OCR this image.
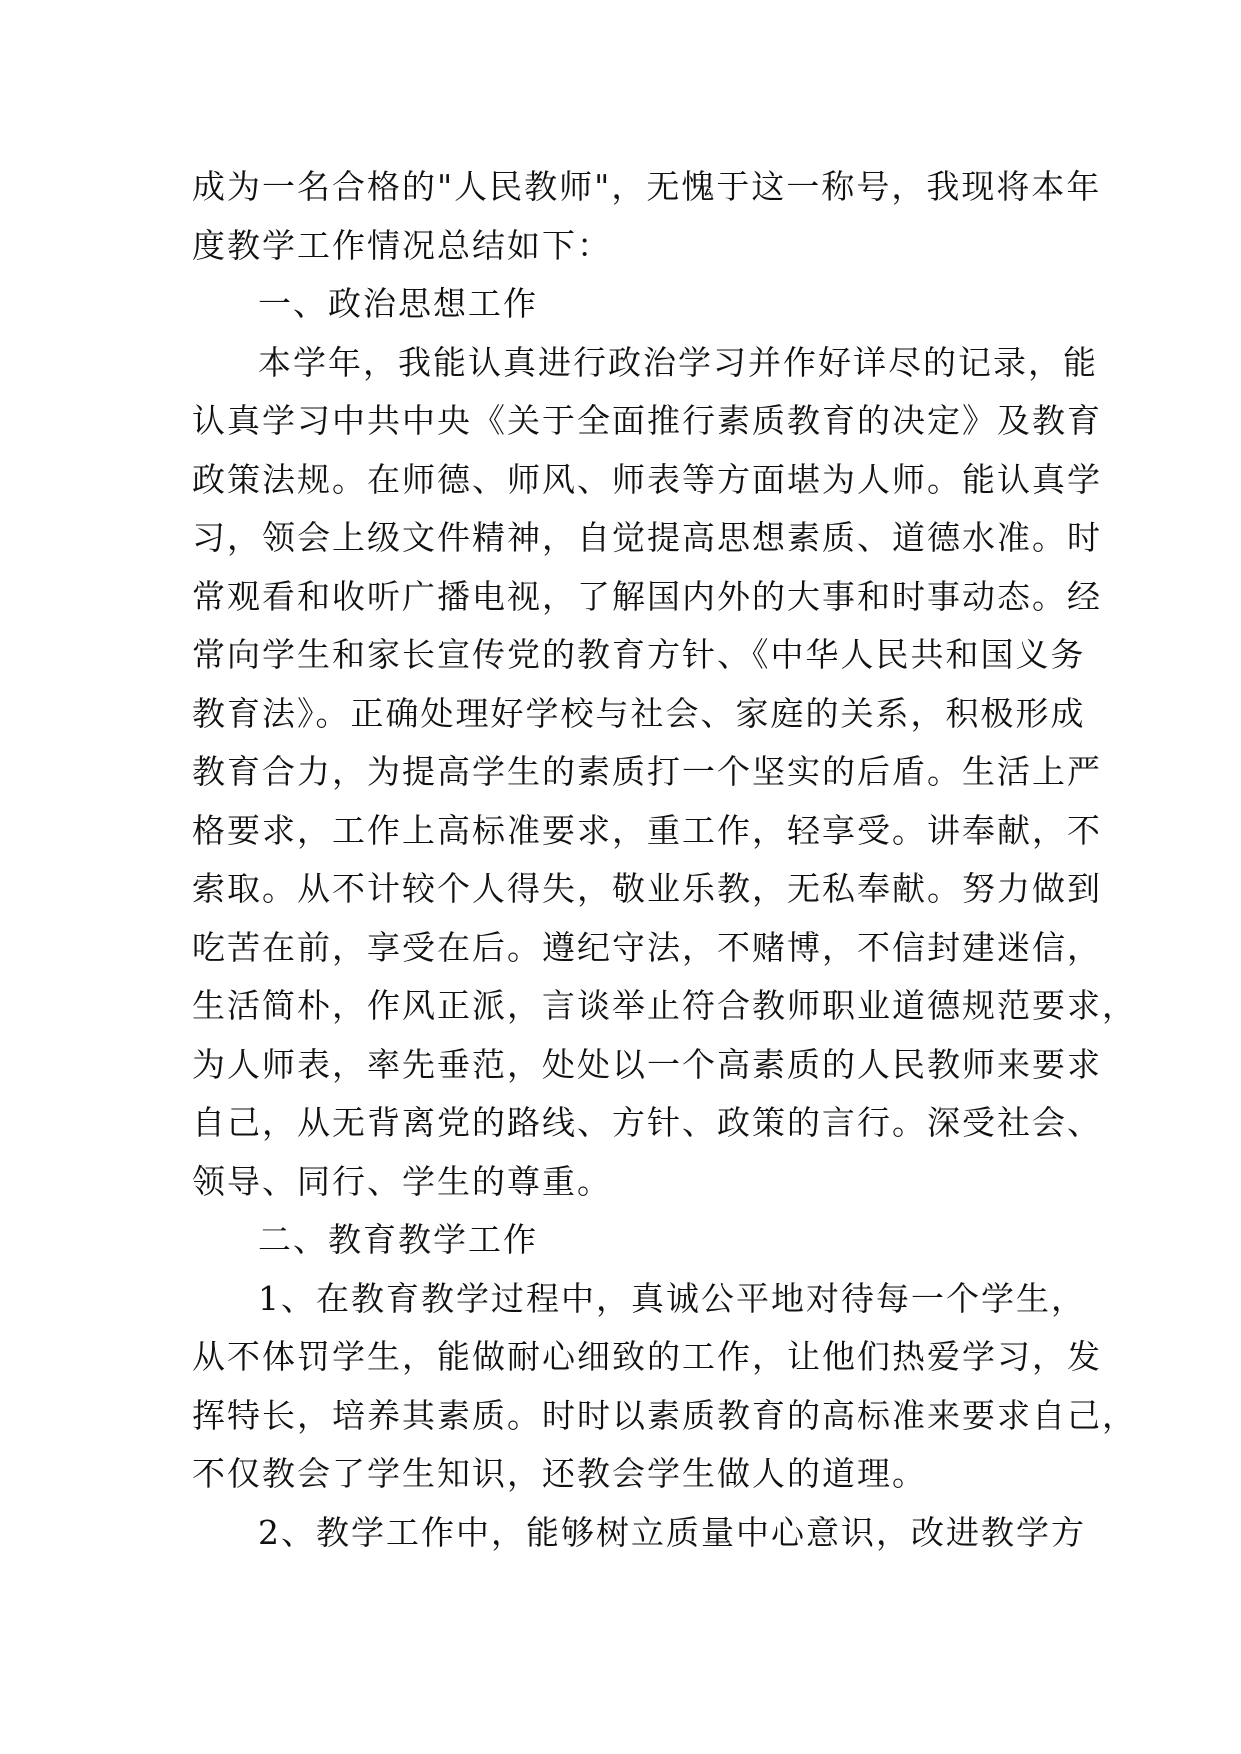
成为一名合格的"人民教师"，无愧于这一称号，我现将本年
度教学工作情况总结如下：
一、政治思想工作
本学年，我能认真进行政治学习并作好详尽的记录，能
认真学习中共中央《关于全面推行素质教育的决定》及教育
政策法规。在师德、师风、师表等方面堪为人师。能认真学
习，领会上级文件精神，自觉提高思想素质、道德水准。时
常观看和收听广播电视，了解国内外的大事和时事动态。经
常向学生和家长宣传党的教育方针、《中华人民共和国义务
教育法》。正确处理好学校与社会、家庭的关系，积极形成
教育合力，为提高学生的素质打一个坚实的后盾。生活上严
格要求，工作上高标准要求，重工作，轻享受。讲奉献，不
索取。从不计较个人得失，敬业乐教，无私奉献。努力做到
吃苦在前，享受在后。遵纪守法，不赌博，不信封建迷信，
生活简朴，作风正派，言谈举止符合教师职业道德规范要求，
为人师表，率先垂范，处处以一个高素质的人民教师来要求
自己，从无背离党的路线、方针、政策的言行。深受社会、
领导、同行、学生的尊重。
二、教育教学工作
1、在教育教学过程中，真诚公平地对待每一个学生，
从不体罚学生，能做耐心细致的工作，让他们热爱学习，发
挥特长，培养其素质。时时以素质教育的高标准来要求自己，
不仅教会了学生知识，还教会学生做人的道理。
2、教学工作中，能够树立质量中心意识，改进教学方
